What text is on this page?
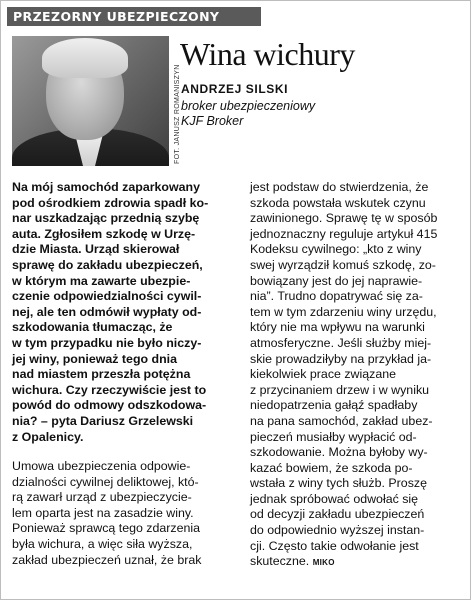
PRZEZORNY UBEZPIECZONY
FOT. JANUSZ ROMANISZYN
Wina wichury
ANDRZEJ SILSKI
broker ubezpieczeniowy
KJF Broker
Na mój samochód zaparkowany
pod ośrodkiem zdrowia spadł ko-
nar uszkadzając przednią szybę
auta. Zgłosiłem szkodę w Urzę-
dzie Miasta. Urząd skierował
sprawę do zakładu ubezpieczeń,
w którym ma zawarte ubezpie-
czenie odpowiedzialności cywil-
nej, ale ten odmówił wypłaty od-
szkodowania tłumacząc, że
w tym przypadku nie było niczy-
jej winy, ponieważ tego dnia
nad miastem przeszła potężna
wichura. Czy rzeczywiście jest to
powód do odmowy odszkodowa-
nia? – pyta Dariusz Grzelewski
z Opalenicy.
Umowa ubezpieczenia odpowie-
dzialności cywilnej deliktowej, któ-
rą zawarł urząd z ubezpieczycie-
lem oparta jest na zasadzie winy.
Ponieważ sprawcą tego zdarzenia
była wichura, a więc siła wyższa,
zakład ubezpieczeń uznał, że brak
jest podstaw do stwierdzenia, że
szkoda powstała wskutek czynu
zawinionego. Sprawę tę w sposób
jednoznaczny reguluje artykuł 415
Kodeksu cywilnego: „kto z winy
swej wyrządził komuś szkodę, zo-
bowiązany jest do jej naprawie-
nia”. Trudno dopatrywać się za-
tem w tym zdarzeniu winy urzędu,
który nie ma wpływu na warunki
atmosferyczne. Jeśli służby miej-
skie prowadziłyby na przykład ja-
kiekolwiek prace związane
z przycinaniem drzew i w wyniku
niedopatrzenia gałąź spadłaby
na pana samochód, zakład ubez-
pieczeń musiałby wypłacić od-
szkodowanie. Można byłoby wy-
kazać bowiem, że szkoda po-
wstała z winy tych służb. Proszę
jednak spróbować odwołać się
od decyzji zakładu ubezpieczeń
do odpowiednio wyższej instan-
cji. Często takie odwołanie jest
skuteczne. MIKO
